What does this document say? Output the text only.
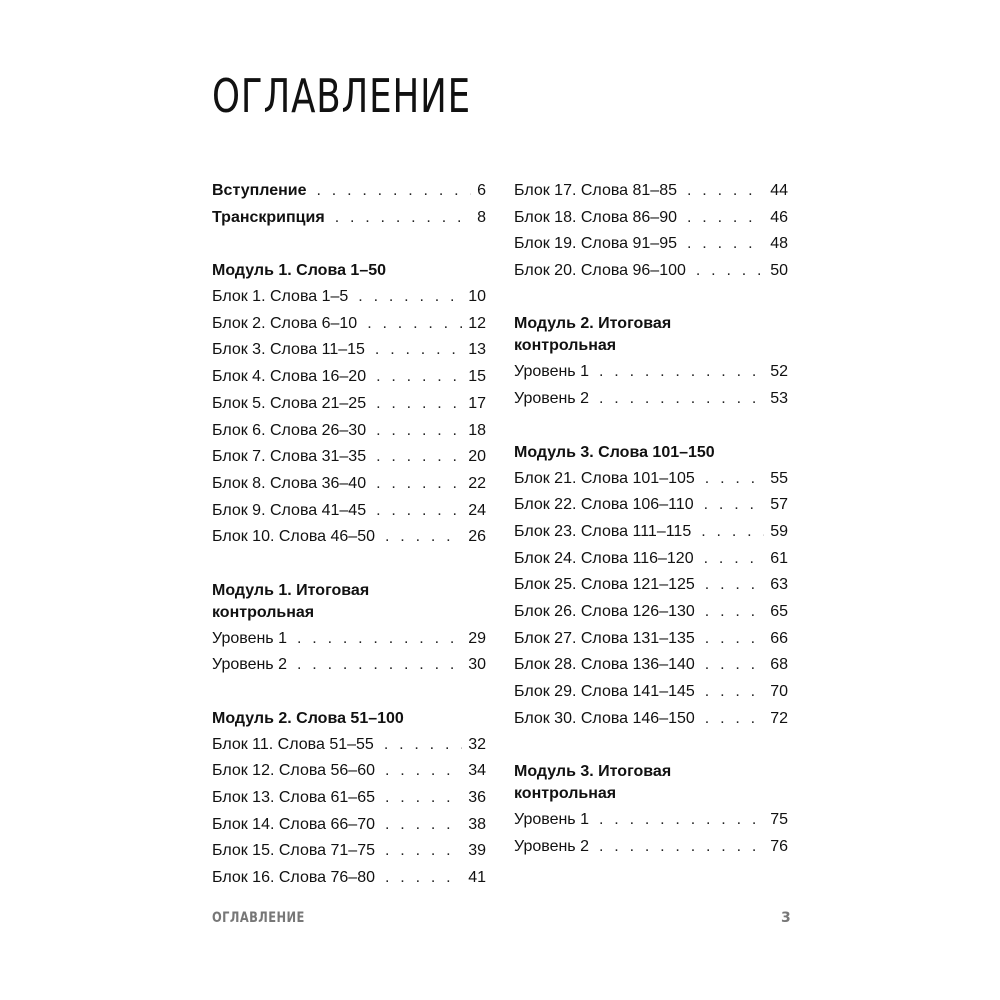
ОГЛАВЛЕНИЕ
Вступление . . .	6
Транскрипция . . .	8
Модуль 1. Слова 1–50
Блок 1. Слова 1–5 . . .	10
Блок 2. Слова 6–10 . . .	12
Блок 3. Слова 11–15 . . .	13
Блок 4. Слова 16–20 . . .	15
Блок 5. Слова 21–25 . . .	17
Блок 6. Слова 26–30 . . .	18
Блок 7. Слова 31–35 . . .	20
Блок 8. Слова 36–40 . . .	22
Блок 9. Слова 41–45 . . .	24
Блок 10. Слова 46–50 . . .	26
Модуль 1. Итоговая
контрольная
Уровень 1 . . .	29
Уровень 2 . . .	30
Модуль 2. Слова 51–100
Блок 11. Слова 51–55 . . .	32
Блок 12. Слова 56–60 . . .	34
Блок 13. Слова 61–65 . . .	36
Блок 14. Слова 66–70 . . .	38
Блок 15. Слова 71–75 . . .	39
Блок 16. Слова 76–80 . . .	41
Блок 17. Слова 81–85 . . .	44
Блок 18. Слова 86–90 . . .	46
Блок 19. Слова 91–95 . . .	48
Блок 20. Слова 96–100 . . .	50
Модуль 2. Итоговая
контрольная
Уровень 1 . . .	52
Уровень 2 . . .	53
Модуль 3. Слова 101–150
Блок 21. Слова 101–105 . . .	55
Блок 22. Слова 106–110 . . .	57
Блок 23. Слова 111–115 . . .	59
Блок 24. Слова 116–120 . . .	61
Блок 25. Слова 121–125 . . .	63
Блок 26. Слова 126–130 . . .	65
Блок 27. Слова 131–135 . . .	66
Блок 28. Слова 136–140 . . .	68
Блок 29. Слова 141–145 . . .	70
Блок 30. Слова 146–150 . . .	72
Модуль 3. Итоговая
контрольная
Уровень 1 . . .	75
Уровень 2 . . .	76
ОГЛАВЛЕНИЕ	3
